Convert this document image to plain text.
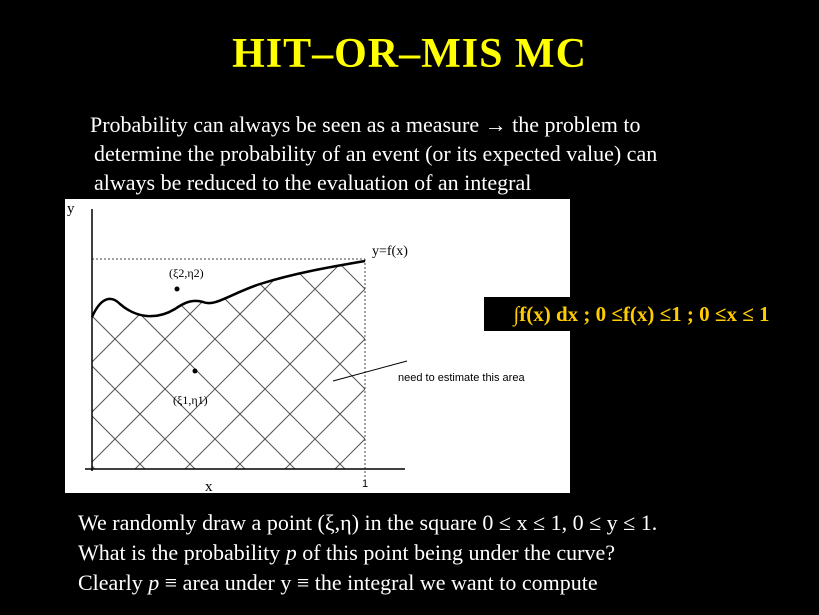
HIT–OR–MIS MC
Probability can always be seen as a measure → the problem to
determine the probability of an event (or its expected value) can
always be reduced to the evaluation of an integral
y
x	1
y=f(x)
(ξ2,η2)
(ξ1,η1)
need to estimate this area
∫f(x) dx ; 0 ≤f(x) ≤1 ; 0 ≤x ≤ 1
We randomly draw a point (ξ,η) in the square 0 ≤ x ≤ 1, 0 ≤ y ≤ 1.
What is the probability p of this point being under the curve?
Clearly p ≡ area under y ≡ the integral we want to compute
